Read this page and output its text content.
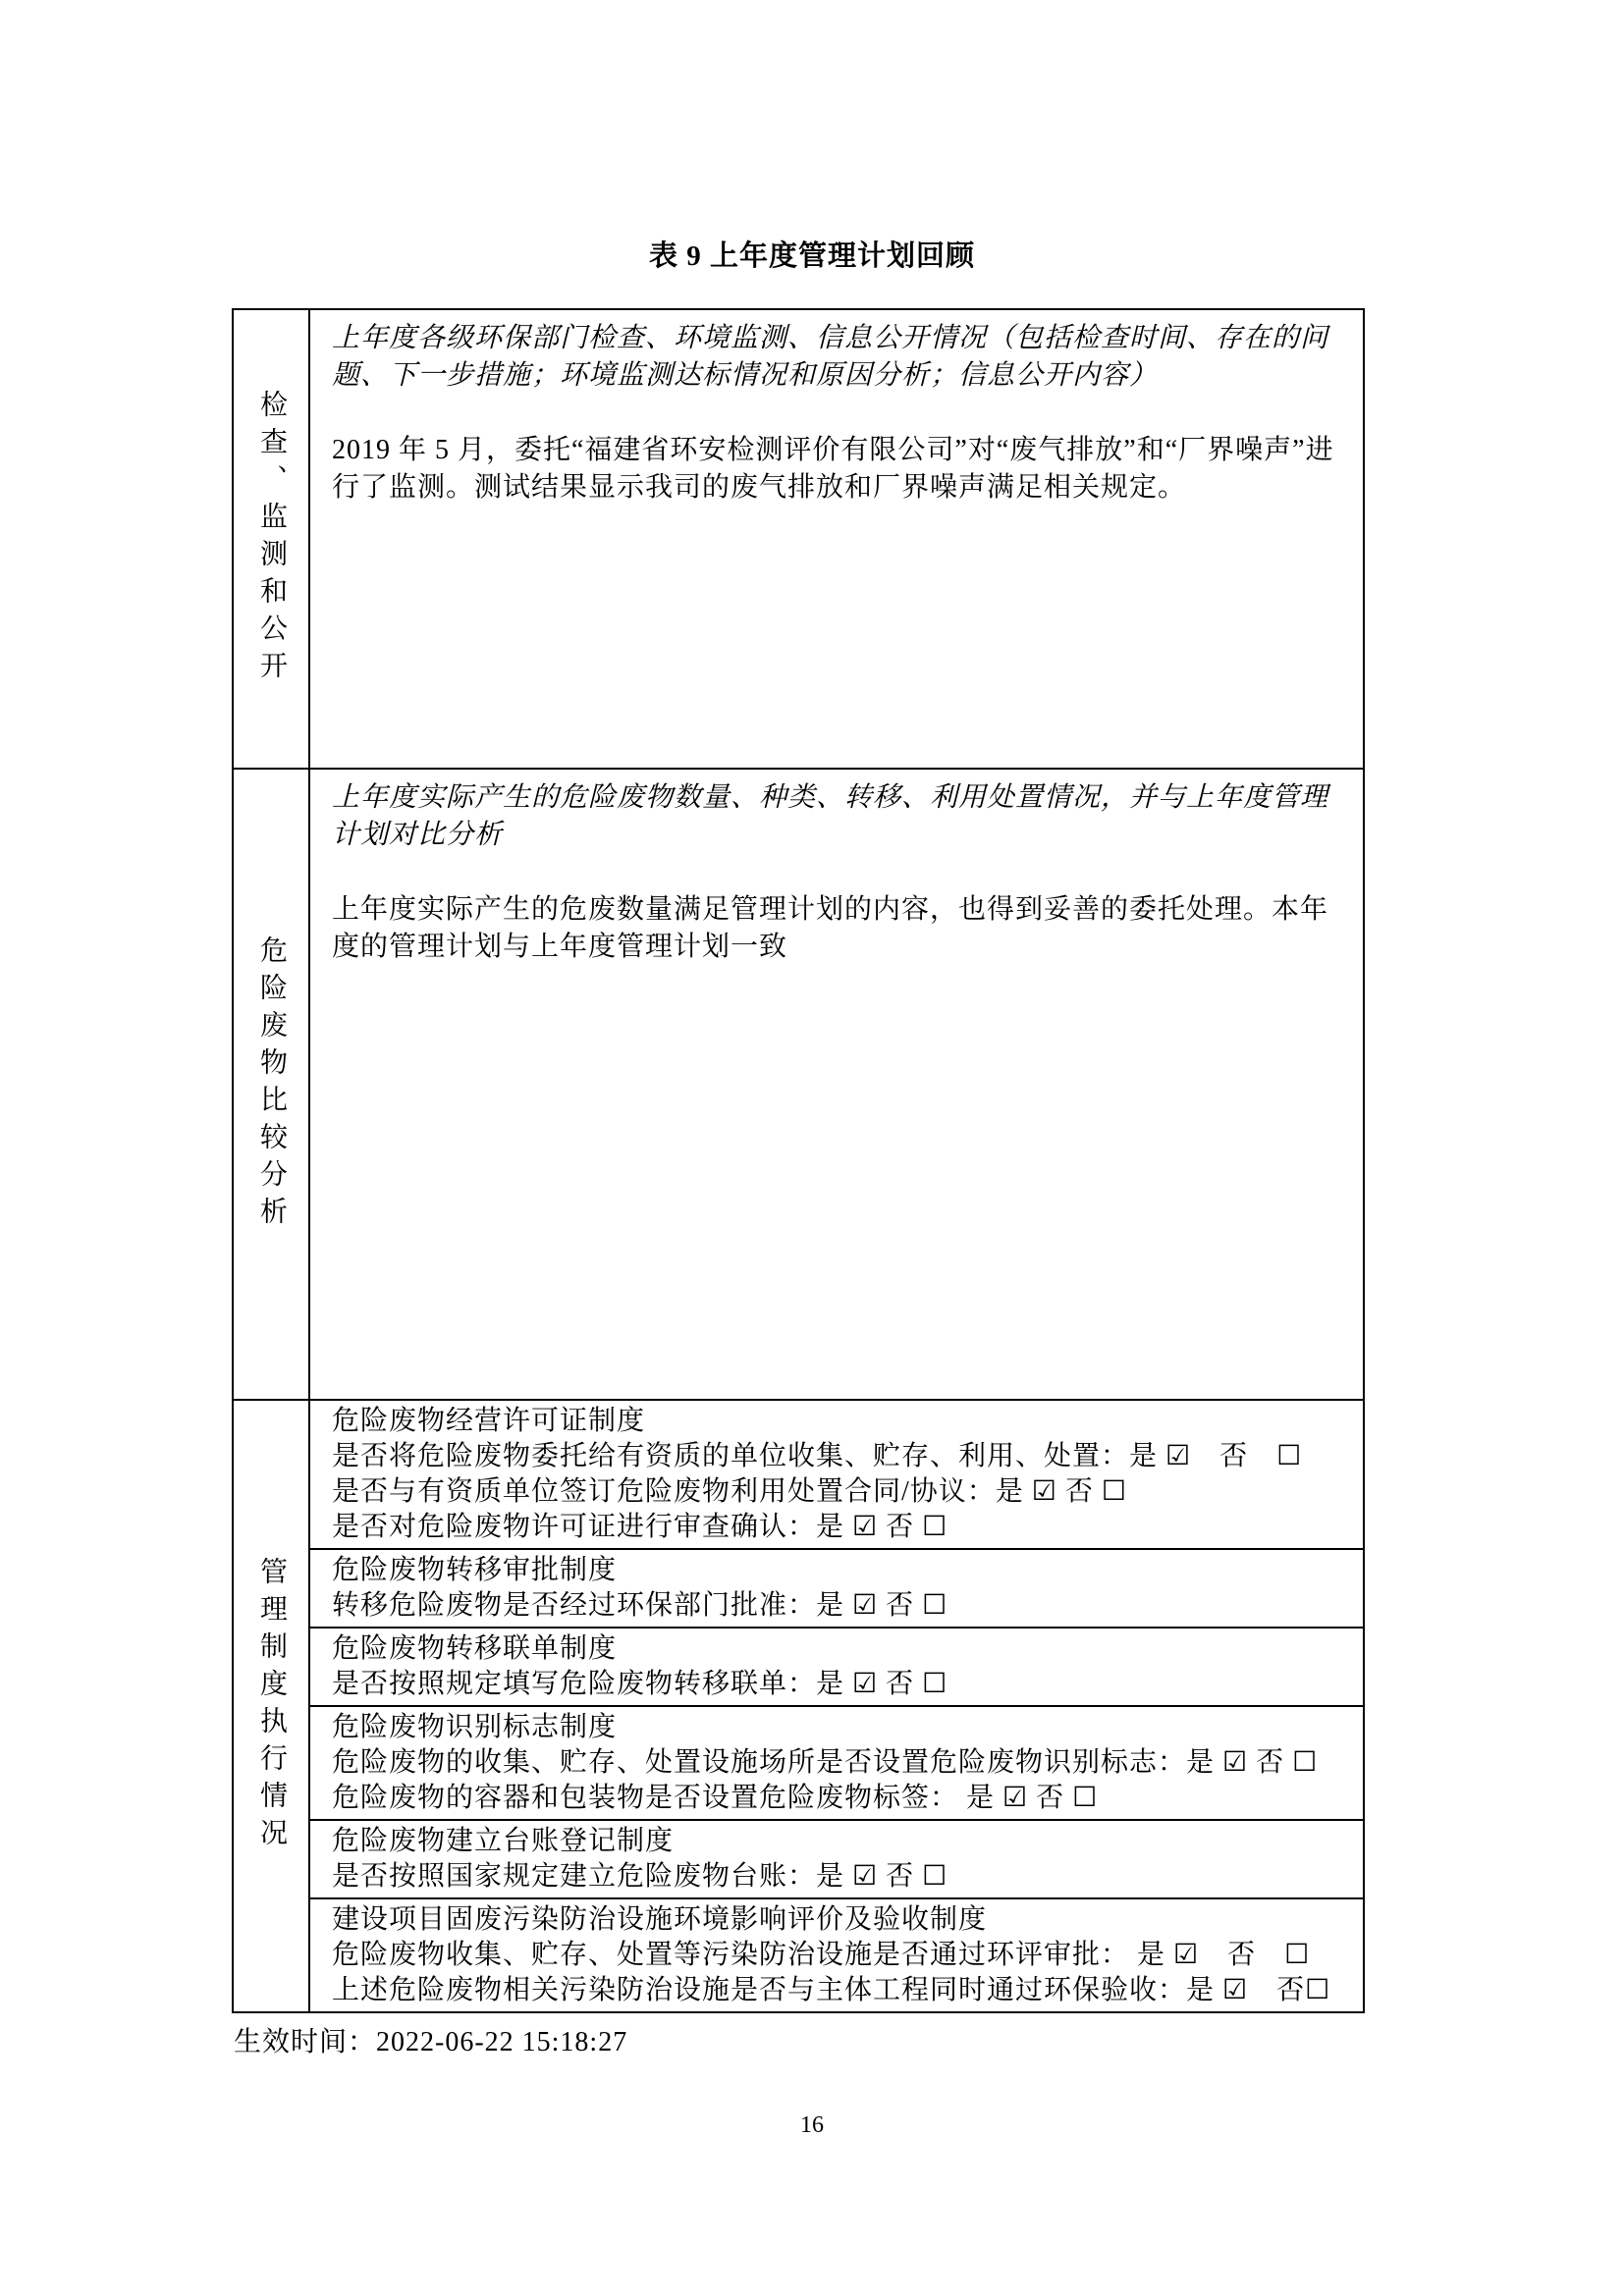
表 9 上年度管理计划回顾
检查、监测和公开
上年度各级环保部门检查、环境监测、信息公开情况（包括检查时间、存在的问题、下一步措施；环境监测达标情况和原因分析；信息公开内容）
2019 年 5 月，委托“福建省环安检测评价有限公司”对“废气排放”和“厂界噪声”进行了监测。测试结果显示我司的废气排放和厂界噪声满足相关规定。
危险废物比较分析
上年度实际产生的危险废物数量、种类、转移、利用处置情况，并与上年度管理计划对比分析
上年度实际产生的危废数量满足管理计划的内容，也得到妥善的委托处理。本年度的管理计划与上年度管理计划一致
管理制度执行情况
危险废物经营许可证制度
是否将危险废物委托给有资质的单位收集、贮存、利用、处置：是 ☑　否　☐
是否与有资质单位签订危险废物利用处置合同/协议：是 ☑ 否 ☐
是否对危险废物许可证进行审查确认：是 ☑ 否 ☐
危险废物转移审批制度
转移危险废物是否经过环保部门批准：是 ☑ 否 ☐
危险废物转移联单制度
是否按照规定填写危险废物转移联单：是 ☑ 否 ☐
危险废物识别标志制度
危险废物的收集、贮存、处置设施场所是否设置危险废物识别标志：是 ☑ 否 ☐
危险废物的容器和包装物是否设置危险废物标签： 是 ☑ 否 ☐
危险废物建立台账登记制度
是否按照国家规定建立危险废物台账：是 ☑ 否 ☐
建设项目固废污染防治设施环境影响评价及验收制度
危险废物收集、贮存、处置等污染防治设施是否通过环评审批： 是 ☑　否　☐
上述危险废物相关污染防治设施是否与主体工程同时通过环保验收：是 ☑　否☐
生效时间：2022-06-22 15:18:27
16
